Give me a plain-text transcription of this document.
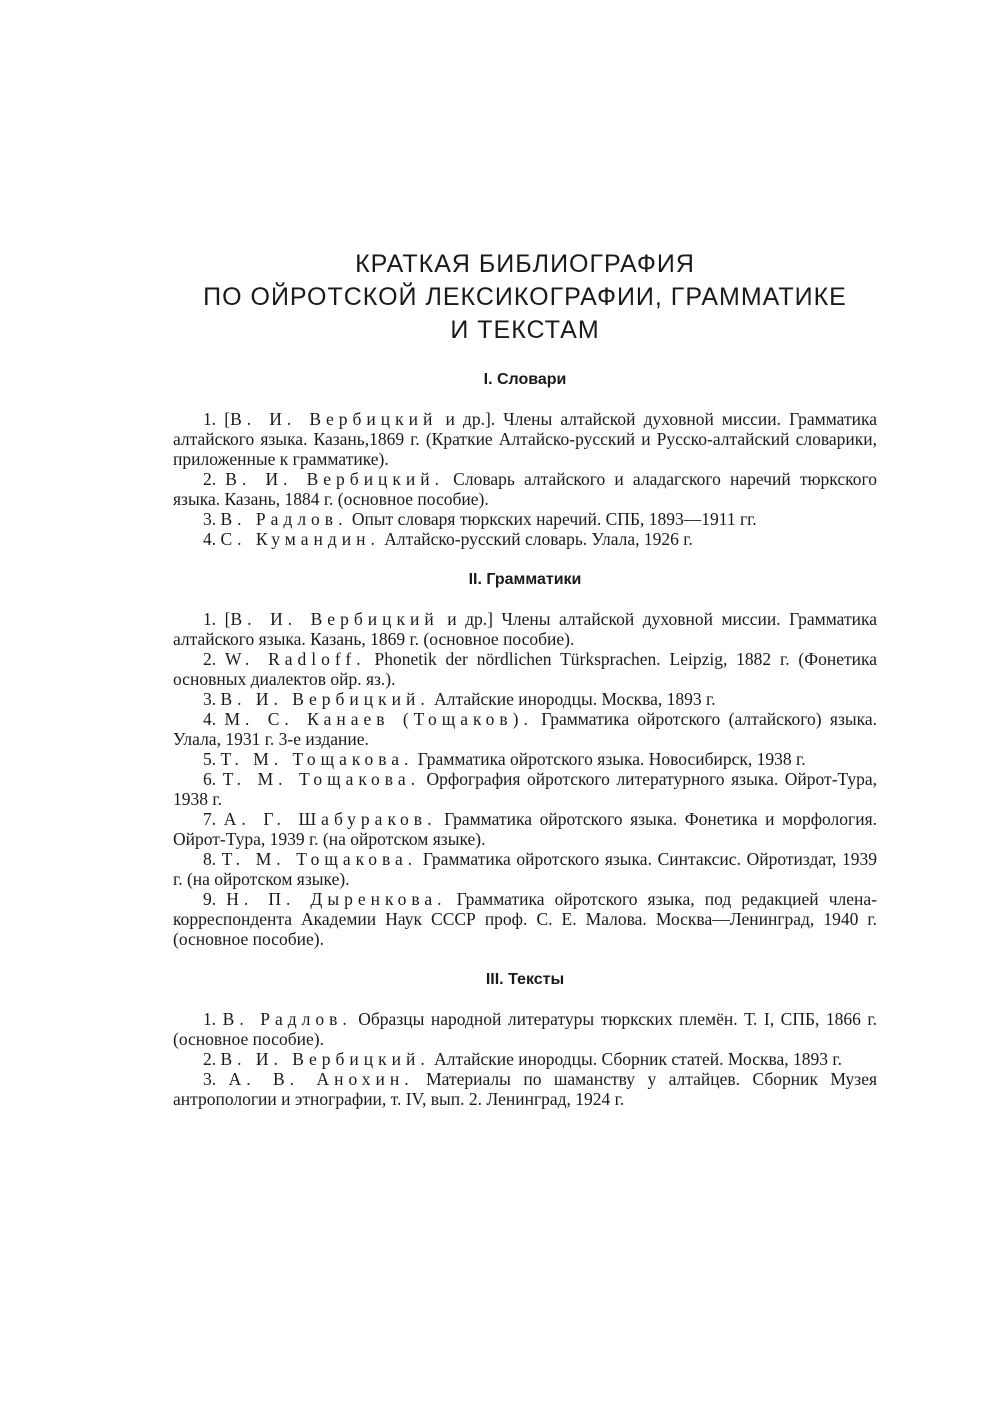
КРАТКАЯ БИБЛИОГРАФИЯ
ПО ОЙРОТСКОЙ ЛЕКСИКОГРАФИИ, ГРАММАТИКЕ
И ТЕКСТАМ
I. Словари

1. [В. И. Вербицкий и др.]. Члены алтайской духовной миссии. Грамматика алтайского языка. Казань,1869 г. (Краткие Алтайско-русский и Русско-алтайский словарики, приложенные к грамматике).

2. В. И. Вербицкий. Словарь алтайского и аладагского наречий тюркского языка. Казань, 1884 г. (основное пособие).

3. В. Радлов. Опыт словаря тюркских наречий. СПБ, 1893—1911 гг.

4. С. Кумандин. Алтайско-русский словарь. Улала, 1926 г.

II. Грамматики

1. [В. И. Вербицкий и др.] Члены алтайской духовной миссии. Грамматика алтайского языка. Казань, 1869 г. (основное пособие).

2. W. Radloff. Phonetik der nördlichen Türksprachen. Leipzig, 1882 г. (Фонетика основных диалектов ойр. яз.).

3. В. И. Вербицкий. Алтайские инородцы. Москва, 1893 г.

4. М. С. Канаев (Тощаков). Грамматика ойротского (алтайского) языка. Улала, 1931 г. 3-е издание.

5. Т. М. Тощакова. Грамматика ойротского языка. Новосибирск, 1938 г.

6. Т. М. Тощакова. Орфография ойротского литературного языка. Ойрот-Тура, 1938 г.

7. А. Г. Шабураков. Грамматика ойротского языка. Фонетика и морфология. Ойрот-Тура, 1939 г. (на ойротском языке).

8. Т. М. Тощакова. Грамматика ойротского языка. Синтаксис. Ойротиздат, 1939 г. (на ойротском языке).

9. Н. П. Дыренкова. Грамматика ойротского языка, под редакцией члена-корреспондента Академии Наук СССР проф. С. Е. Малова. Москва—Ленинград, 1940 г. (основное пособие).

III. Тексты

1. В. Радлов. Образцы народной литературы тюркских племён. Т. I, СПБ, 1866 г. (основное пособие).

2. В. И. Вербицкий. Алтайские инородцы. Сборник статей. Москва, 1893 г.

3. А. В. Анохин. Материалы по шаманству у алтайцев. Сборник Музея антропологии и этнографии, т. IV, вып. 2. Ленинград, 1924 г.
